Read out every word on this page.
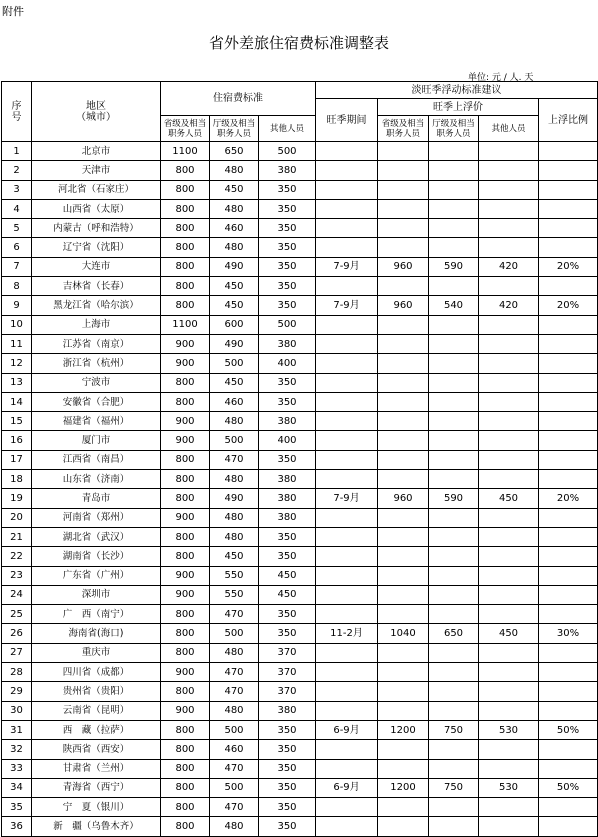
附件
省外差旅住宿费标准调整表
单位: 元 / 人. 天
序
号	地区
（城市）	住宿费标准			淡旺季浮动标准建议				
					旺季期间	旺季上浮价			上浮比例
		省级及相当职务人员	厅级及相当职务人员	其他人员		省级及相当职务人员	厅级及相当职务人员	其他人员	
1	北京市	1100	650	500					
2	天津市	800	480	380					
3	河北省（石家庄）	800	450	350					
4	山西省（太原）	800	480	350					
5	内蒙古（呼和浩特）	800	460	350					
6	辽宁省（沈阳）	800	480	350					
7	大连市	800	490	350	7-9月	960	590	420	20%
8	吉林省（长春）	800	450	350					
9	黑龙江省（哈尔滨）	800	450	350	7-9月	960	540	420	20%
10	上海市	1100	600	500					
11	江苏省（南京）	900	490	380					
12	浙江省（杭州）	900	500	400					
13	宁波市	800	450	350					
14	安徽省（合肥）	800	460	350					
15	福建省（福州）	900	480	380					
16	厦门市	900	500	400					
17	江西省（南昌）	800	470	350					
18	山东省（济南）	800	480	380					
19	青岛市	800	490	380	7-9月	960	590	450	20%
20	河南省（郑州）	900	480	380					
21	湖北省（武汉）	800	480	350					
22	湖南省（长沙）	800	450	350					
23	广东省（广州）	900	550	450					
24	深圳市	900	550	450					
25	广　西（南宁）	800	470	350					
26	海南省(海口)	800	500	350	11-2月	1040	650	450	30%
27	重庆市	800	480	370					
28	四川省（成都）	900	470	370					
29	贵州省（贵阳）	800	470	370					
30	云南省（昆明）	900	480	380					
31	西　藏（拉萨）	800	500	350	6-9月	1200	750	530	50%
32	陕西省（西安）	800	460	350					
33	甘肃省（兰州）	800	470	350					
34	青海省（西宁）	800	500	350	6-9月	1200	750	530	50%
35	宁　夏（银川）	800	470	350					
36	新　疆（乌鲁木齐）	800	480	350					
